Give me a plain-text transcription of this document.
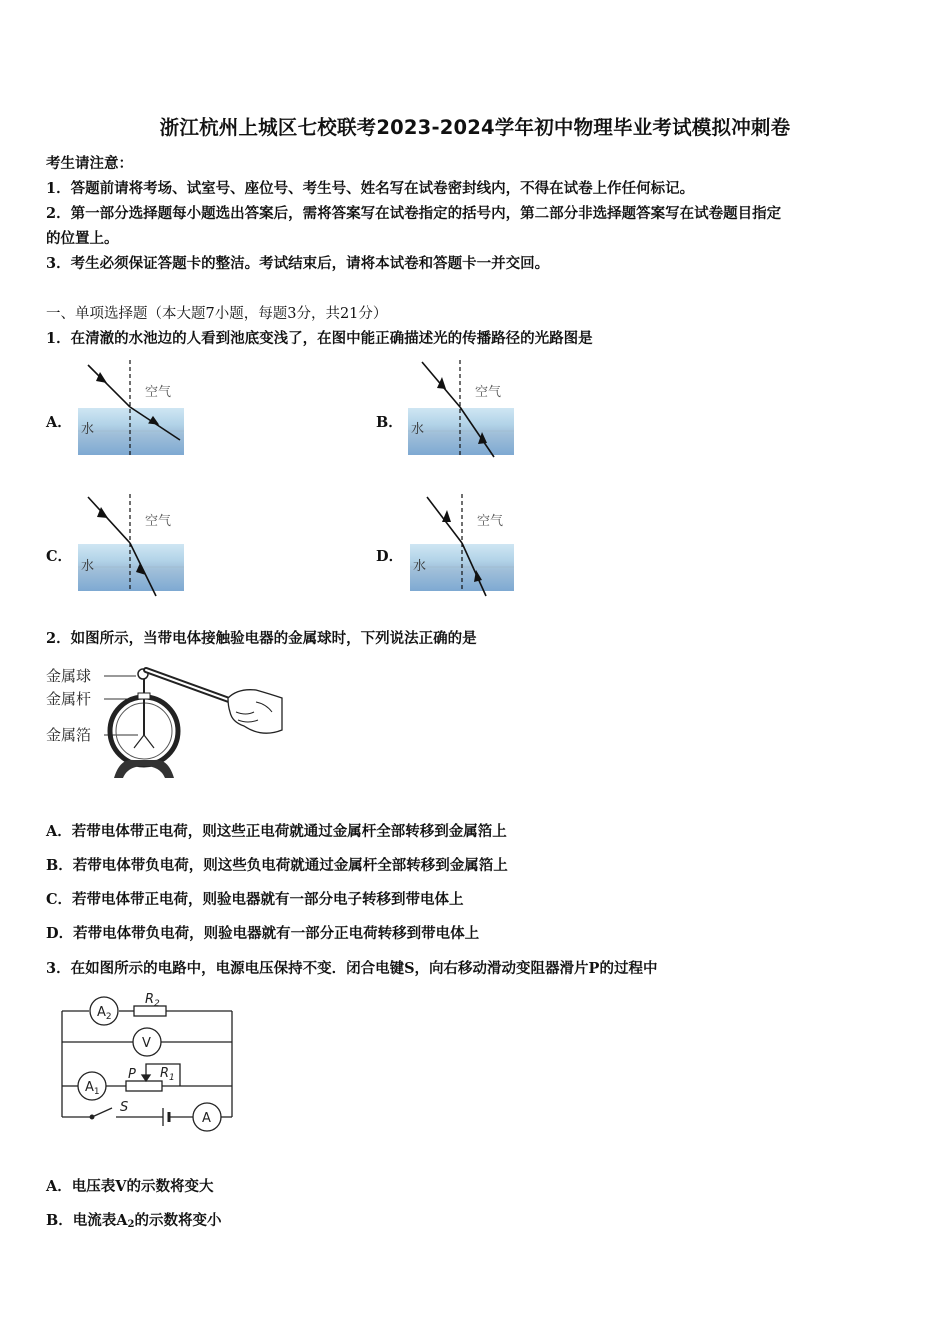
浙江杭州上城区七校联考2023-2024学年初中物理毕业考试模拟冲刺卷
考生请注意：
1．答题前请将考场、试室号、座位号、考生号、姓名写在试卷密封线内，不得在试卷上作任何标记。
2．第一部分选择题每小题选出答案后，需将答案写在试卷指定的括号内，第二部分非选择题答案写在试卷题目指定
的位置上。
3．考生必须保证答题卡的整洁。考试结束后，请将本试卷和答题卡一并交回。
一、单项选择题（本大题7小题，每题3分，共21分）
1．在清澈的水池边的人看到池底变浅了，在图中能正确描述光的传播路径的光路图是
A．	B．
C．	D．
空气
水
空气
水
空气
水
空气
水
金属球
金属杆
金属箔
2．如图所示，当带电体接触验电器的金属球时，下列说法正确的是
A．若带电体带正电荷，则这些正电荷就通过金属杆全部转移到金属箔上
B．若带电体带负电荷，则这些负电荷就通过金属杆全部转移到金属箔上
C．若带电体带正电荷，则验电器就有一部分电子转移到带电体上
D．若带电体带负电荷，则验电器就有一部分正电荷转移到带电体上
3．在如图所示的电路中，电源电压保持不变．闭合电键S，向右移动滑动变阻器滑片P的过程中
$A_2$
$R_2$
V
$A_1$
P $R_1$
S
A
A．电压表V的示数将变大
B．电流表$A_2$的示数将变小
